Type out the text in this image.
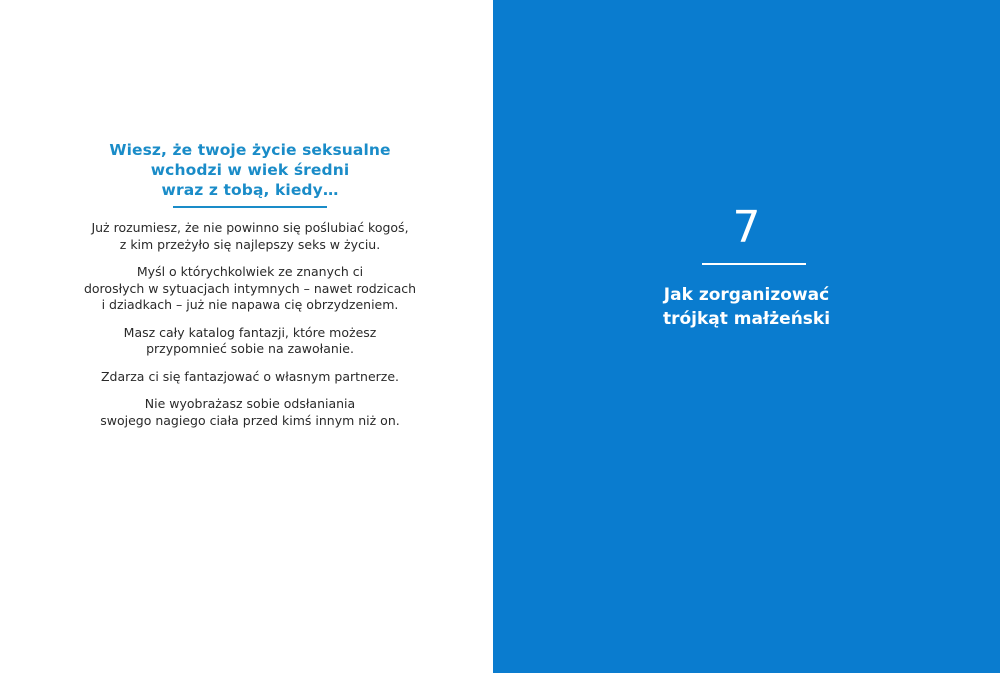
Wiesz, że twoje życie seksualne
wchodzi w wiek średni
wraz z tobą, kiedy…

Już rozumiesz, że nie powinno się poślubiać kogoś,
z kim przeżyło się najlepszy seks w życiu.

Myśl o którychkolwiek ze znanych ci
dorosłych w sytuacjach intymnych – nawet rodzicach
i dziadkach – już nie napawa cię obrzydzeniem.

Masz cały katalog fantazji, które możesz
przypomnieć sobie na zawołanie.

Zdarza ci się fantazjować o własnym partnerze.

Nie wyobrażasz sobie odsłaniania
swojego nagiego ciała przed kimś innym niż on.

7
Jak zorganizować
trójkąt małżeński
